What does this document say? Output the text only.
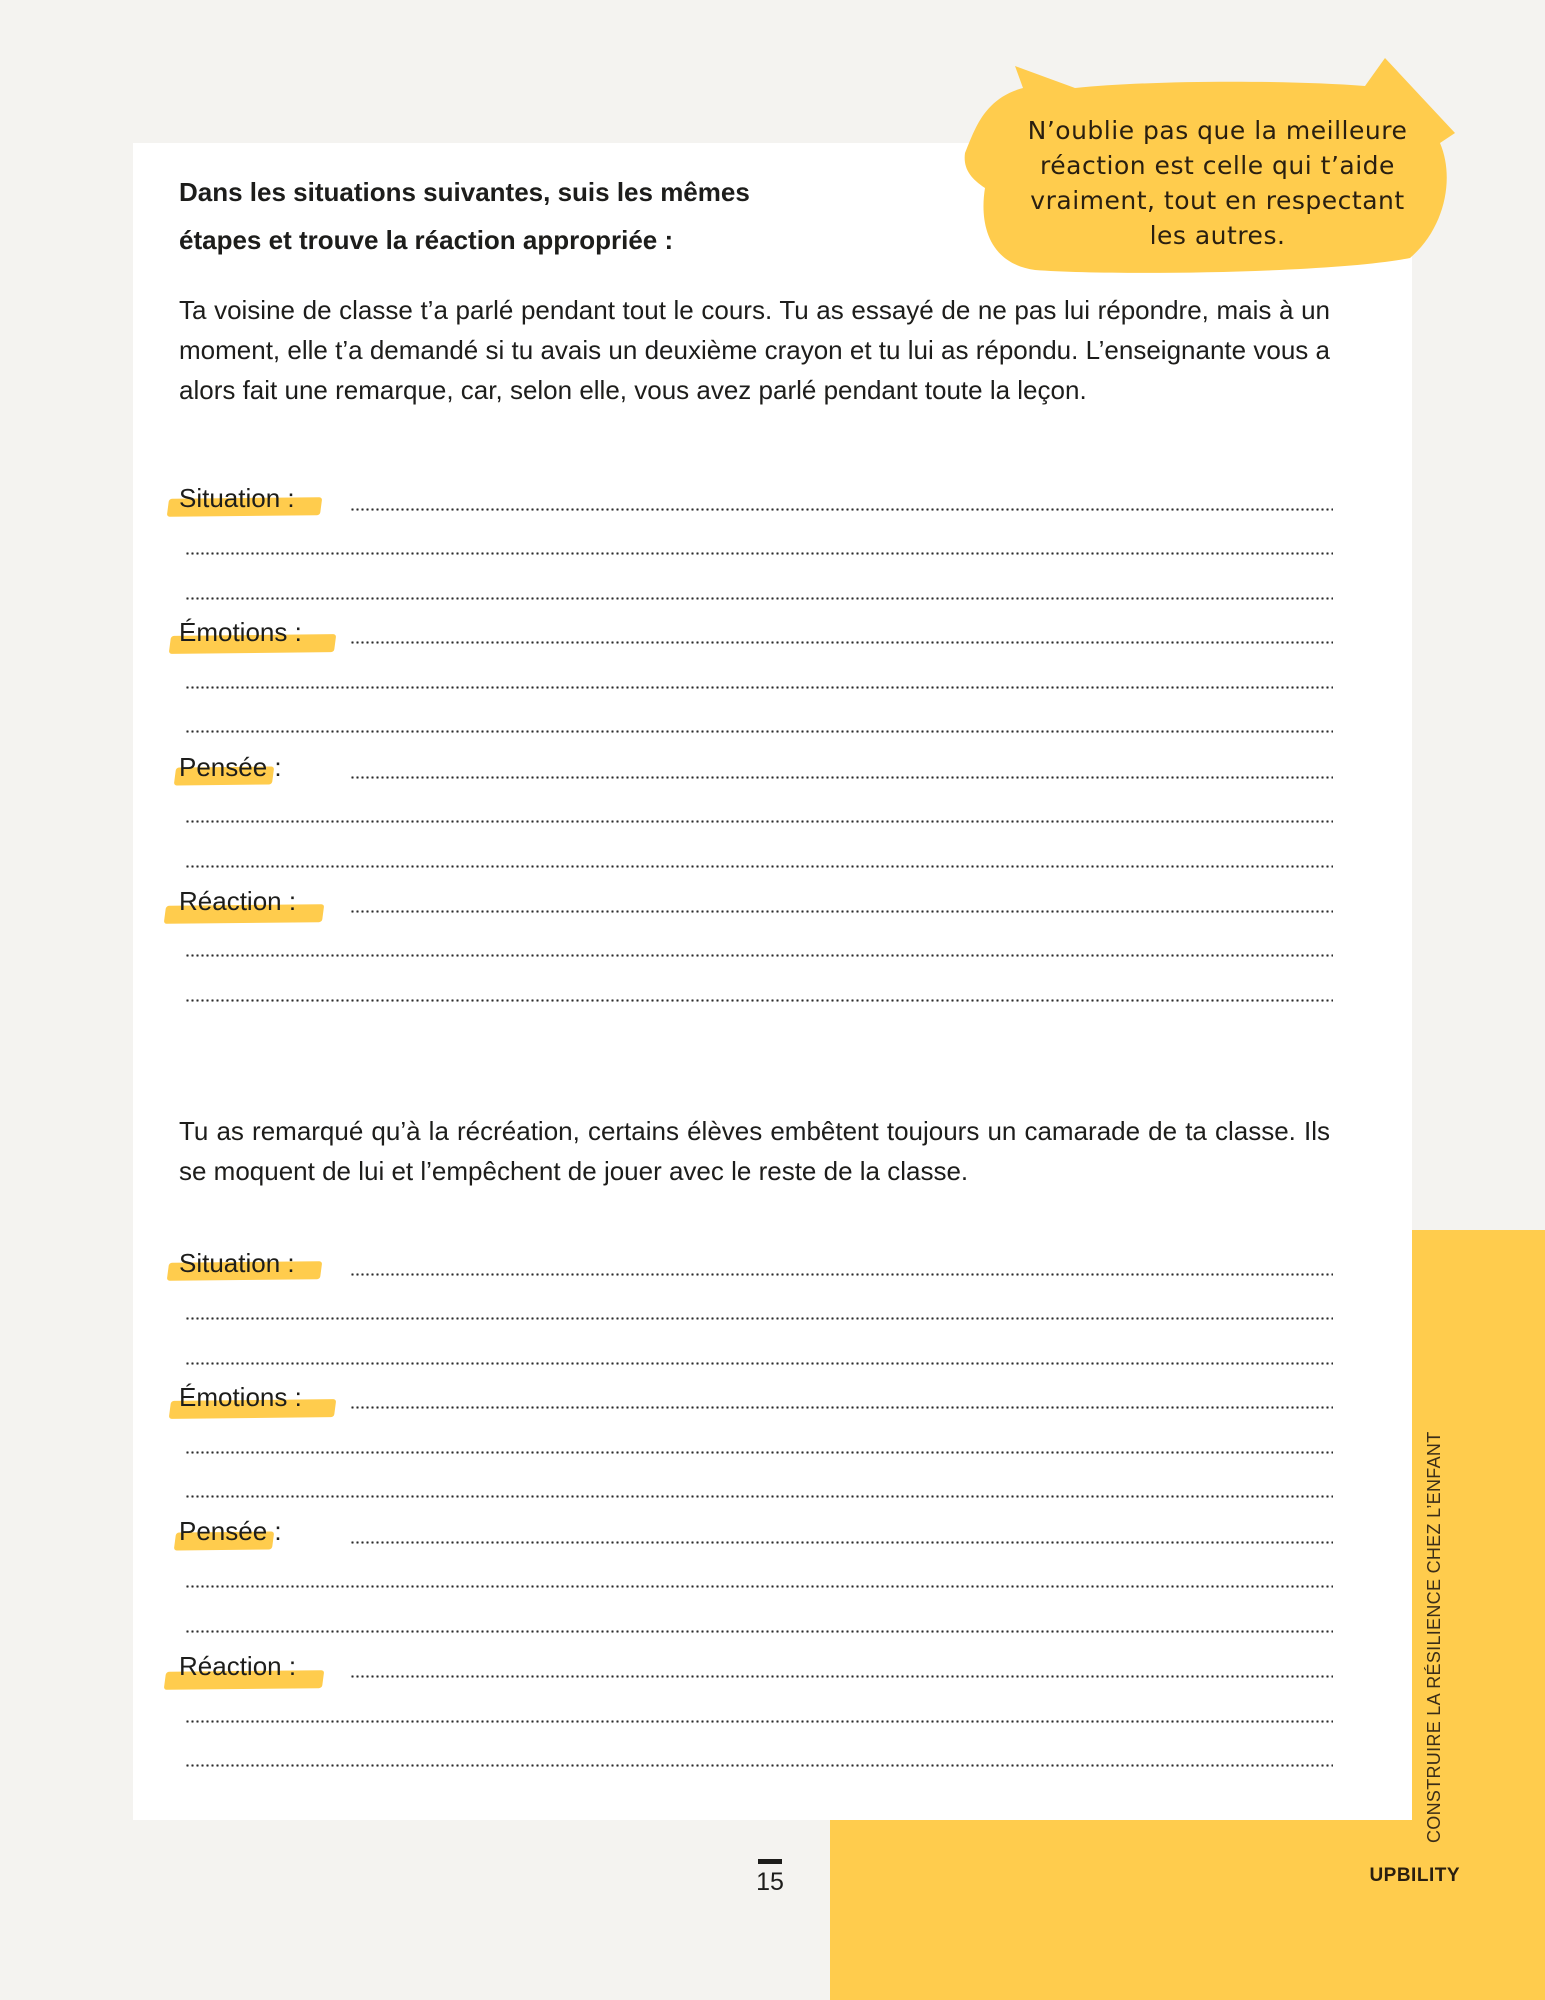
N’oublie pas que la meilleure
réaction est celle qui t’aide
vraiment, tout en respectant
les autres.
Dans les situations suivantes, suis les mêmes
étapes et trouve la réaction appropriée :
Ta voisine de classe t’a parlé pendant tout le cours. Tu as essayé de ne pas lui répondre, mais à un moment, elle t’a demandé si tu avais un deuxième crayon et tu lui as répondu. L’enseignante vous a alors fait une remarque, car, selon elle, vous avez parlé pendant toute la leçon.
Situation :
Émotions :
Pensée :
Réaction :
Tu as remarqué qu’à la récréation, certains élèves embêtent toujours un camarade de ta classe. Ils se moquent de lui et l’empêchent de jouer avec le reste de la classe.
Situation :
Émotions :
Pensée :
Réaction :
15	UPBILITY
CONSTRUIRE LA RÉSILIENCE CHEZ L’ENFANT
